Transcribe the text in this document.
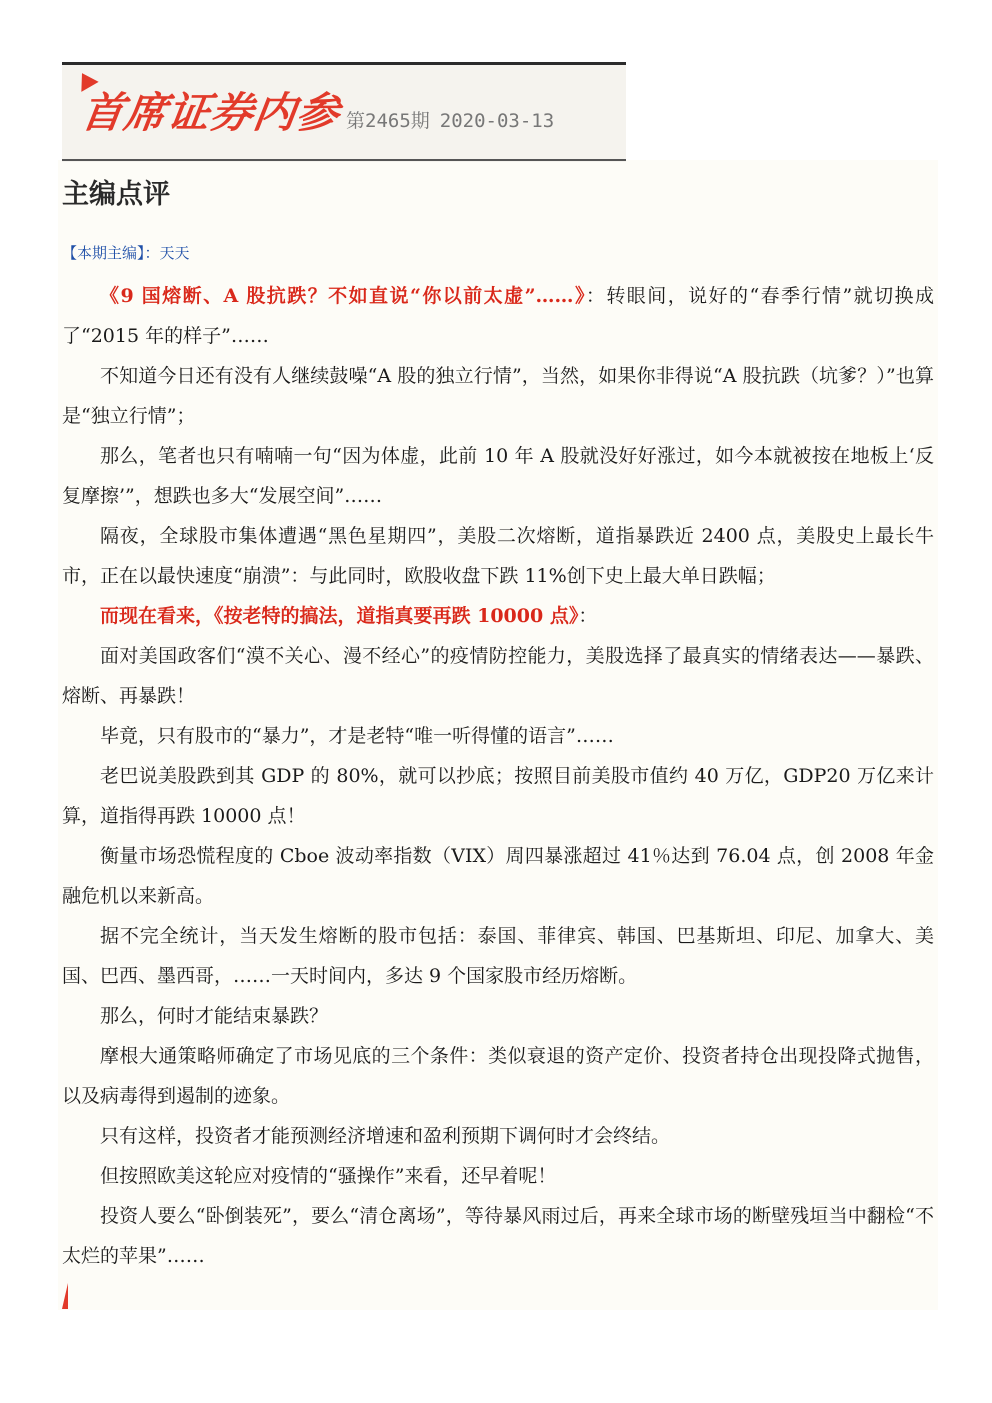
首席证券内参 第2465期 2020-03-13
主编点评
【本期主编】：天天

《9 国熔断、A 股抗跌？不如直说“你以前太虚”……》：转眼间，说好的“春季行情”就切换成了“2015 年的样子”……

不知道今日还有没有人继续鼓噪“A 股的独立行情”，当然，如果你非得说“A 股抗跌（坑爹？）”也算是“独立行情”；

那么，笔者也只有喃喃一句“因为体虚，此前 10 年 A 股就没好好涨过，如今本就被按在地板上‘反复摩擦’”，想跌也多大“发展空间”……

隔夜，全球股市集体遭遇“黑色星期四”，美股二次熔断，道指暴跌近 2400 点，美股史上最长牛市，正在以最快速度“崩溃”：与此同时，欧股收盘下跌 11%创下史上最大单日跌幅；

而现在看来，《按老特的搞法，道指真要再跌 10000 点》：

面对美国政客们“漠不关心、漫不经心”的疫情防控能力，美股选择了最真实的情绪表达——暴跌、熔断、再暴跌！

毕竟，只有股市的“暴力”，才是老特“唯一听得懂的语言”……

老巴说美股跌到其 GDP 的 80%，就可以抄底；按照目前美股市值约 40 万亿，GDP20 万亿来计算，道指得再跌 10000 点！

衡量市场恐慌程度的 Cboe 波动率指数（VIX）周四暴涨超过 41％达到 76.04 点，创 2008 年金融危机以来新高。

据不完全统计，当天发生熔断的股市包括：泰国、菲律宾、韩国、巴基斯坦、印尼、加拿大、美国、巴西、墨西哥，……一天时间内，多达 9 个国家股市经历熔断。

那么，何时才能结束暴跌？

摩根大通策略师确定了市场见底的三个条件：类似衰退的资产定价、投资者持仓出现投降式抛售，以及病毒得到遏制的迹象。

只有这样，投资者才能预测经济增速和盈利预期下调何时才会终结。

但按照欧美这轮应对疫情的“骚操作”来看，还早着呢！

投资人要么“卧倒装死”，要么“清仓离场”，等待暴风雨过后，再来全球市场的断壁残垣当中翻检“不太烂的苹果”……
